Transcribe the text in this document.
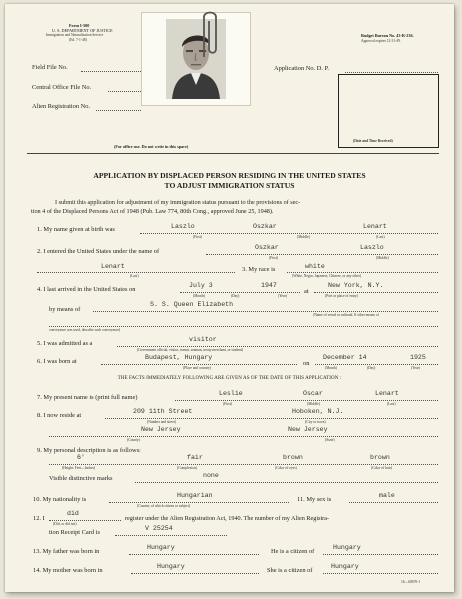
Form I-500
U. S. DEPARTMENT OF JUSTICE
Immigration and Naturalization Service
(Ed. 7-1-48)
Budget Bureau No. 43-R-236.
Approval expires 12-31-49.
Field File No.
Central Office File No.
Alien Registration No.
Application No. D. P.
(Date and Time Received)
(For office use. Do not write in this space)
APPLICATION BY DISPLACED PERSON RESIDING IN THE UNITED STATES
TO ADJUST IMMIGRATION STATUS
I submit this application for adjustment of my immigration status pursuant to the provisions of sec-
tion 4 of the Displaced Persons Act of 1948 (Pub. Law 774, 80th Cong., approved June 25, 1948).
1. My name given at birth was	Laszlo	Oszkar	Lenart
(First)	(Middle)	(Last)
2. I entered the United States under the name of
Oszkar	Laszlo
(First)	(Middle)
Lenart
(Last)
3. My race is	white
(White, Negro, Japanese, Chinese, or any other)
4. I last arrived in the United States on
July 3	1947
at
New York, N.Y.
(Month)	(Day)	(Year)	(Port or place of entry)
by means of
S. S. Queen Elizabeth
(Name of vessel or railroad. If other means of
conveyance was used, describe such conveyance)
5. I was admitted as a
visitor
(Government official, visitor, transit, seaman, treaty merchant, or student)
6. I was born at
Budapest, Hungary
on
December 14	1925
(Place and country)	(Month)	(Day)	(Year)
THE FACTS IMMEDIATELY FOLLOWING ARE GIVEN AS OF THE DATE OF THIS APPLICATION :
7. My present name is (print full name)
Leslie	Oscar	Lenart
(First)	(Middle)	(Last)
8. I now reside at
209 11th Street	Hoboken, N.J.
(Number and street)	(City or town)
New Jersey	New Jersey
(County)	(State)
9. My personal description is as follows:
6'	fair	brown	brown
(Height: Feet—Inches)	(Complexion)	(Color of eyes)	(Color of hair)
Visible distinctive marks	none
10. My nationality is
Hungarian
(Country of which citizen or subject)
11. My sex is
male
12. I
did
(Did, or did not)
register under the Alien Registration Act, 1940. The number of my Alien Registra-
tion Receipt Card is
V 25254
13. My father was born in
Hungary
He is a citizen of
Hungary
14. My mother was born in
Hungary
She is a citizen of
Hungary
16—60670-1
